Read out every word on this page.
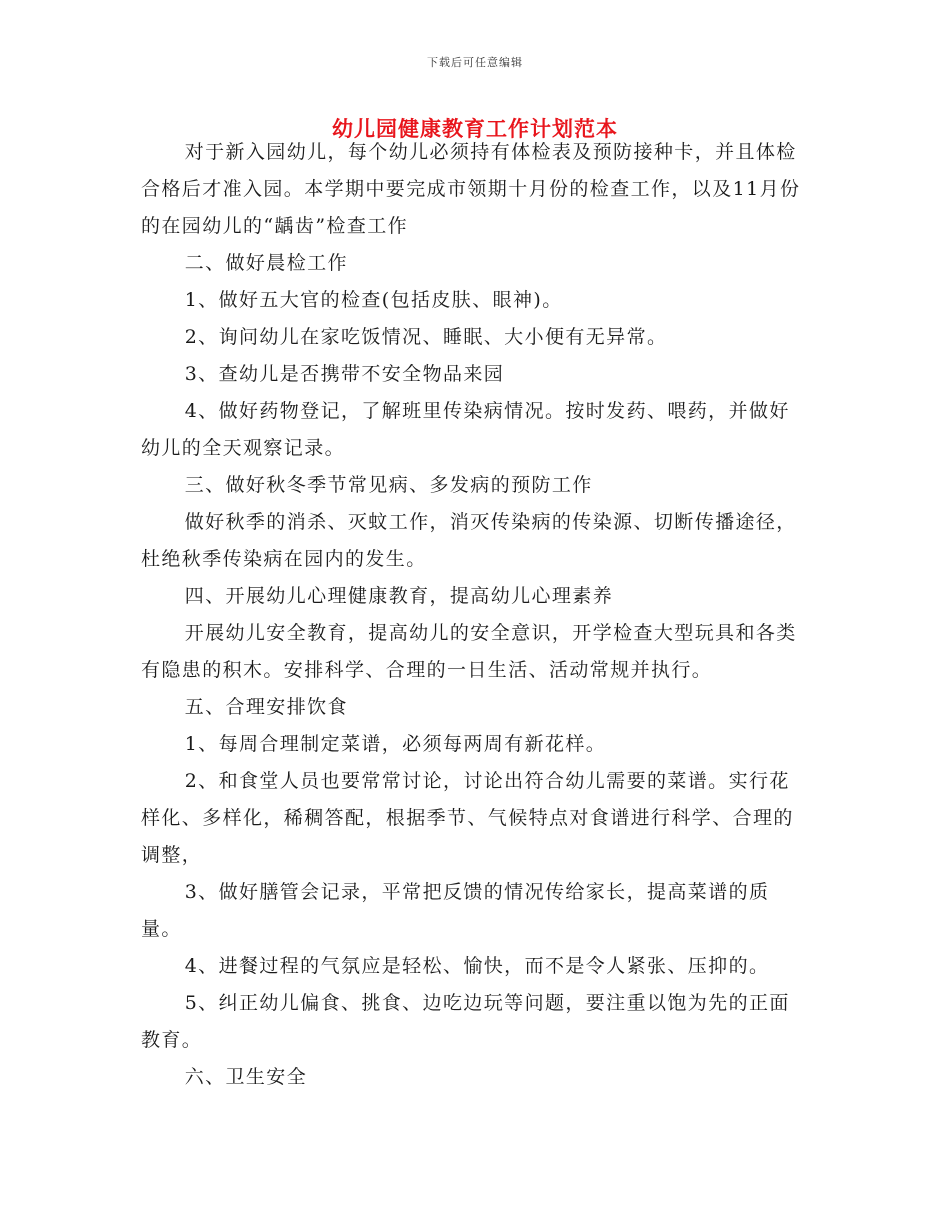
下载后可任意编辑
幼儿园健康教育工作计划范本

对于新入园幼儿，每个幼儿必须持有体检表及预防接种卡，并且体检合格后才准入园。本学期中要完成市领期十月份的检查工作，以及11月份的在园幼儿的“龋齿”检查工作

二、做好晨检工作

1、做好五大官的检查(包括皮肤、眼神)。

2、询问幼儿在家吃饭情况、睡眠、大小便有无异常。

3、查幼儿是否携带不安全物品来园

4、做好药物登记，了解班里传染病情况。按时发药、喂药，并做好幼儿的全天观察记录。

三、做好秋冬季节常见病、多发病的预防工作

做好秋季的消杀、灭蚊工作，消灭传染病的传染源、切断传播途径，杜绝秋季传染病在园内的发生。

四、开展幼儿心理健康教育，提高幼儿心理素养

开展幼儿安全教育，提高幼儿的安全意识，开学检查大型玩具和各类有隐患的积木。安排科学、合理的一日生活、活动常规并执行。

五、合理安排饮食

1、每周合理制定菜谱，必须每两周有新花样。

2、和食堂人员也要常常讨论，讨论出符合幼儿需要的菜谱。实行花样化、多样化，稀稠答配，根据季节、气候特点对食谱进行科学、合理的调整，

3、做好膳管会记录，平常把反馈的情况传给家长，提高菜谱的质量。

4、进餐过程的气氛应是轻松、愉快，而不是令人紧张、压抑的。

5、纠正幼儿偏食、挑食、边吃边玩等问题，要注重以饱为先的正面教育。

六、卫生安全
